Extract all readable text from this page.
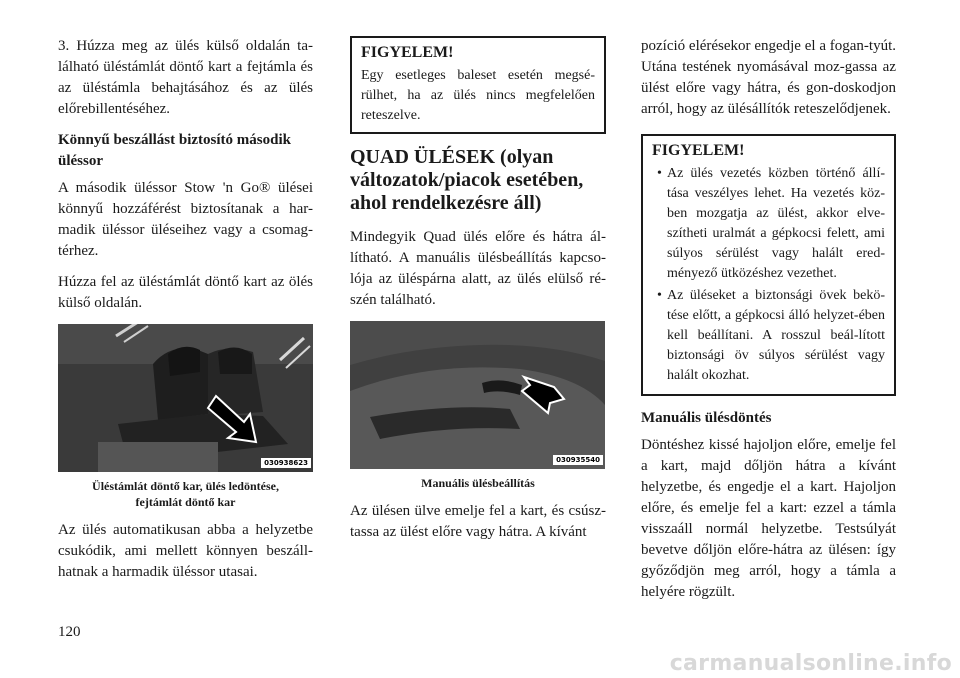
3. Húzza meg az ülés külső oldalán ta-lálható üléstámlát döntő kart a fejtámla és az üléstámla behajtásához és az ülés előrebillentéséhez.

Könnyű beszállást biztosító második üléssor

A második üléssor Stow 'n Go® ülései könnyű hozzáférést biztosítanak a har-madik üléssor üléseihez vagy a csomag-térhez.

Húzza fel az üléstámlát döntő kart az ölés külső oldalán.

030938623
Üléstámlát döntő kar, ülés ledöntése,
fejtámlát döntő kar

Az ülés automatikusan abba a helyzetbe csukódik, ami mellett könnyen beszáll-hatnak a harmadik üléssor utasai.

FIGYELEM!

Egy esetleges baleset esetén megsé-rülhet, ha az ülés nincs megfelelően reteszelve.

QUAD ÜLÉSEK (olyan változatok/piacok esetében, ahol rendelkezésre áll)

Mindegyik Quad ülés előre és hátra ál-lítható. A manuális ülésbeállítás kapcso-lója az üléspárna alatt, az ülés elülső ré-szén található.

030935540
Manuális ülésbeállítás

Az ülésen ülve emelje fel a kart, és csúsz-tassa az ülést előre vagy hátra. A kívánt

pozíció elérésekor engedje el a fogan-tyút. Utána testének nyomásával moz-gassa az ülést előre vagy hátra, és gon-doskodjon arról, hogy az ülésállítók reteszelődjenek.

FIGYELEM!
• Az ülés vezetés közben történő állí-tása veszélyes lehet. Ha vezetés köz-ben mozgatja az ülést, akkor elve-szítheti uralmát a gépkocsi felett, ami súlyos sérülést vagy halált ered-ményező ütközéshez vezethet.
• Az üléseket a biztonsági övek bekö-tése előtt, a gépkocsi álló helyzet-ében kell beállítani. A rosszul beál-lított biztonsági öv súlyos sérülést vagy halált okozhat.
Manuális ülésdöntés

Döntéshez kissé hajoljon előre, emelje fel a kart, majd dőljön hátra a kívánt helyzetbe, és engedje el a kart. Hajoljon előre, és emelje fel a kart: ezzel a támla visszaáll normál helyzetbe. Testsúlyát bevetve dőljön előre-hátra az ülésen: így győződjön meg arról, hogy a támla a helyére rögzült.

120
carmanualsonline.info
